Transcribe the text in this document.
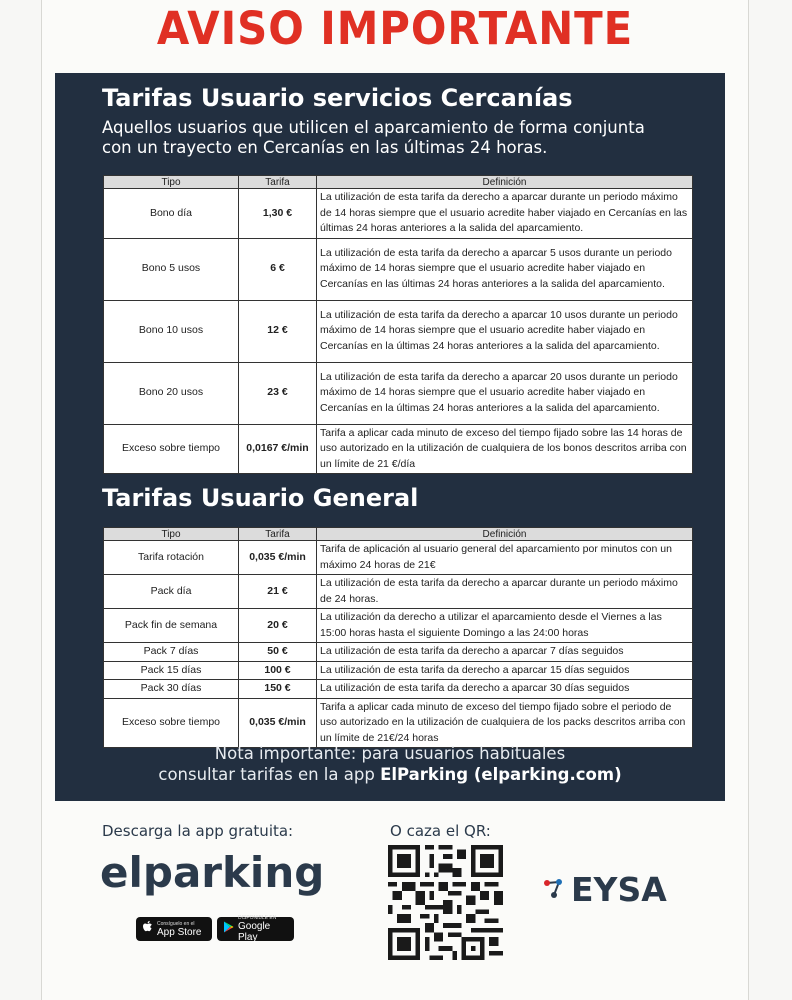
AVISO IMPORTANTE
Tarifas Usuario servicios Cercanías
Aquellos usuarios que utilicen el aparcamiento de forma conjunta
con un trayecto en Cercanías en las últimas 24 horas.
Tipo	Tarifa	Definición
Bono día	1,30 €	La utilización de esta tarifa da derecho a aparcar durante un periodo máximo de 14 horas siempre que el usuario acredite haber viajado en Cercanías en las últimas 24 horas anteriores a la salida del aparcamiento.
Bono 5 usos	6 €	La utilización de esta tarifa da derecho a aparcar 5 usos durante un periodo máximo de 14 horas siempre que el usuario acredite haber viajado en Cercanías en las últimas 24 horas anteriores a la salida del aparcamiento.
Bono 10 usos	12 €	La utilización de esta tarifa da derecho a aparcar 10 usos durante un periodo máximo de 14 horas siempre que el usuario acredite haber viajado en Cercanías en la últimas 24 horas anteriores a la salida del aparcamiento.
Bono 20 usos	23 €	La utilización de esta tarifa da derecho a aparcar 20 usos durante un periodo máximo de 14 horas siempre que el usuario acredite haber viajado en Cercanías en la últimas 24 horas anteriores a la salida del aparcamiento.
Exceso sobre tiempo	0,0167 €/min	Tarifa a aplicar cada minuto de exceso del tiempo fijado sobre las 14 horas de uso autorizado en la utilización de cualquiera de los bonos descritos arriba con un límite de 21 €/día
Tarifas Usuario General
Tipo	Tarifa	Definición
Tarifa rotación	0,035 €/min	Tarifa de aplicación al usuario general del aparcamiento por minutos con un máximo 24 horas de 21€
Pack día	21 €	La utilización de esta tarifa da derecho a aparcar durante un periodo máximo de 24 horas.
Pack fin de semana	20 €	La utilización da derecho a utilizar el aparcamiento desde el Viernes a las 15:00 horas hasta el siguiente Domingo a las 24:00 horas
Pack 7 días	50 €	La utilización de esta tarifa da derecho a aparcar 7 días seguidos
Pack 15 días	100 €	La utilización de esta tarifa da derecho a aparcar 15 días seguidos
Pack 30 días	150 €	La utilización de esta tarifa da derecho a aparcar 30 días seguidos
Exceso sobre tiempo	0,035 €/min	Tarifa a aplicar cada minuto de exceso del tiempo fijado sobre el periodo de uso autorizado en la utilización de cualquiera de los packs descritos arriba con un límite de 21€/24 horas
Nota importante: para usuarios habituales
consultar tarifas en la app ElParking (elparking.com)
Descarga la app gratuita:	O caza el QR:
elparking
Consíguelo en el
App Store
DISPONIBLE EN
Google Play
EYSA
